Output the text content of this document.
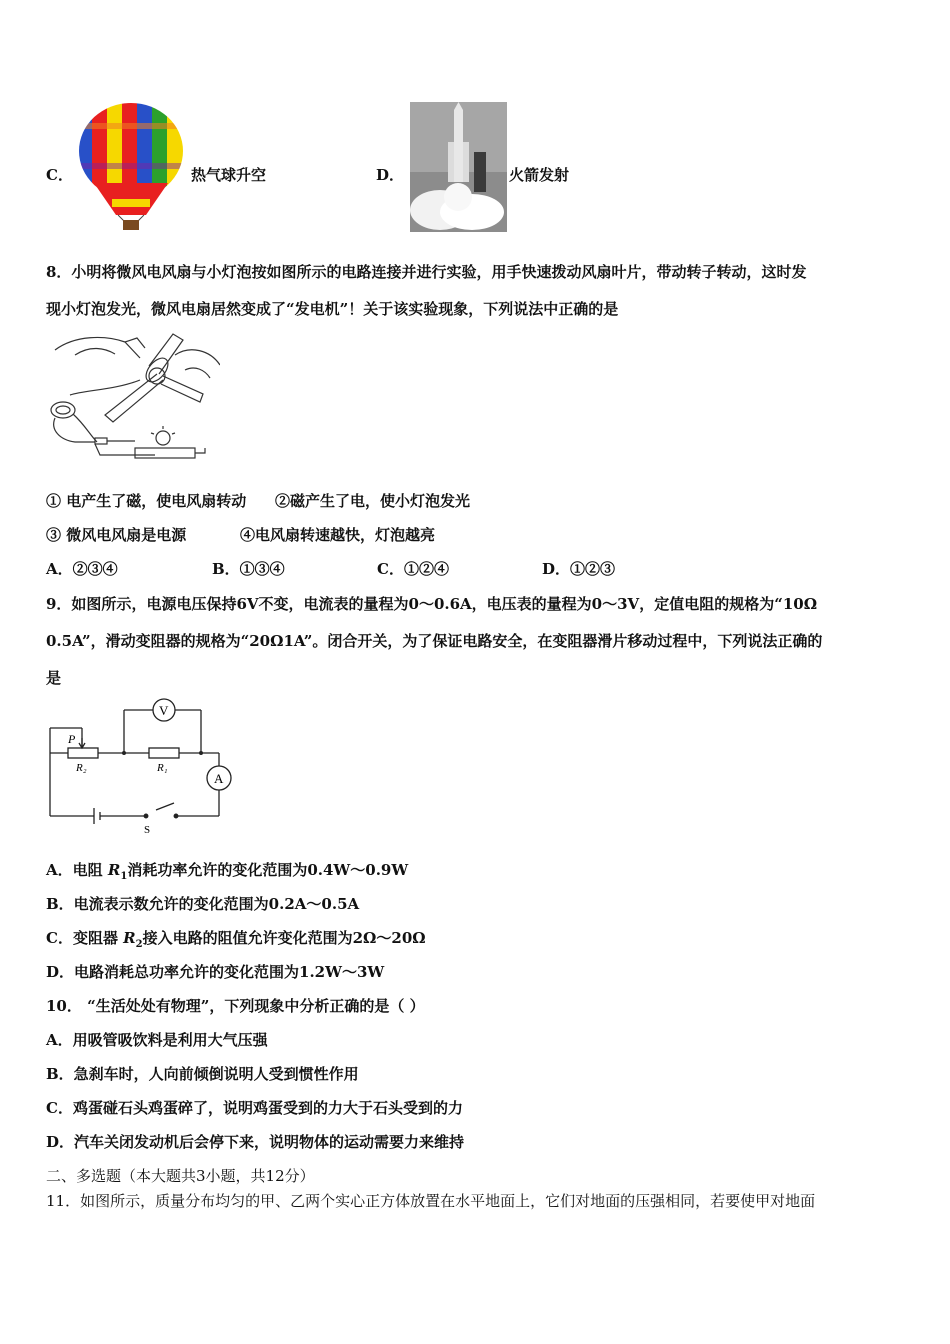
C．	热气球升空	D．	火箭发射
8．小明将微风电风扇与小灯泡按如图所示的电路连接并进行实验，用手快速拨动风扇叶片，带动转子转动，这时发
现小灯泡发光，微风电扇居然变成了“发电机”！关于该实验现象，下列说法中正确的是
① 电产生了磁，使电风扇转动 ②磁产生了电，使小灯泡发光
③ 微风电风扇是电源	④电风扇转速越快，灯泡越亮
A．②③④	B．①③④	C．①②④	D．①②③
9．如图所示，电源电压保持6V不变，电流表的量程为0～0.6A，电压表的量程为0～3V，定值电阻的规格为“10Ω
0.5A”，滑动变阻器的规格为“20Ω1A”。闭合开关，为了保证电路安全，在变阻器滑片移动过程中，下列说法正确的
是
V
A
P
R₂	R₁
S
A．电阻 $R_1$消耗功率允许的变化范围为0.4W～0.9W
B．电流表示数允许的变化范围为0.2A～0.5A
C．变阻器 $R_2$接入电路的阻值允许变化范围为2Ω～20Ω
D．电路消耗总功率允许的变化范围为1.2W～3W
10． “生活处处有物理”，下列现象中分析正确的是（ ）
A．用吸管吸饮料是利用大气压强
B．急刹车时，人向前倾倒说明人受到惯性作用
C．鸡蛋碰石头鸡蛋碎了，说明鸡蛋受到的力大于石头受到的力
D．汽车关闭发动机后会停下来，说明物体的运动需要力来维持
二、多选题（本大题共3小题，共12分）
11．如图所示，质量分布均匀的甲、乙两个实心正方体放置在水平地面上，它们对地面的压强相同，若要使甲对地面
